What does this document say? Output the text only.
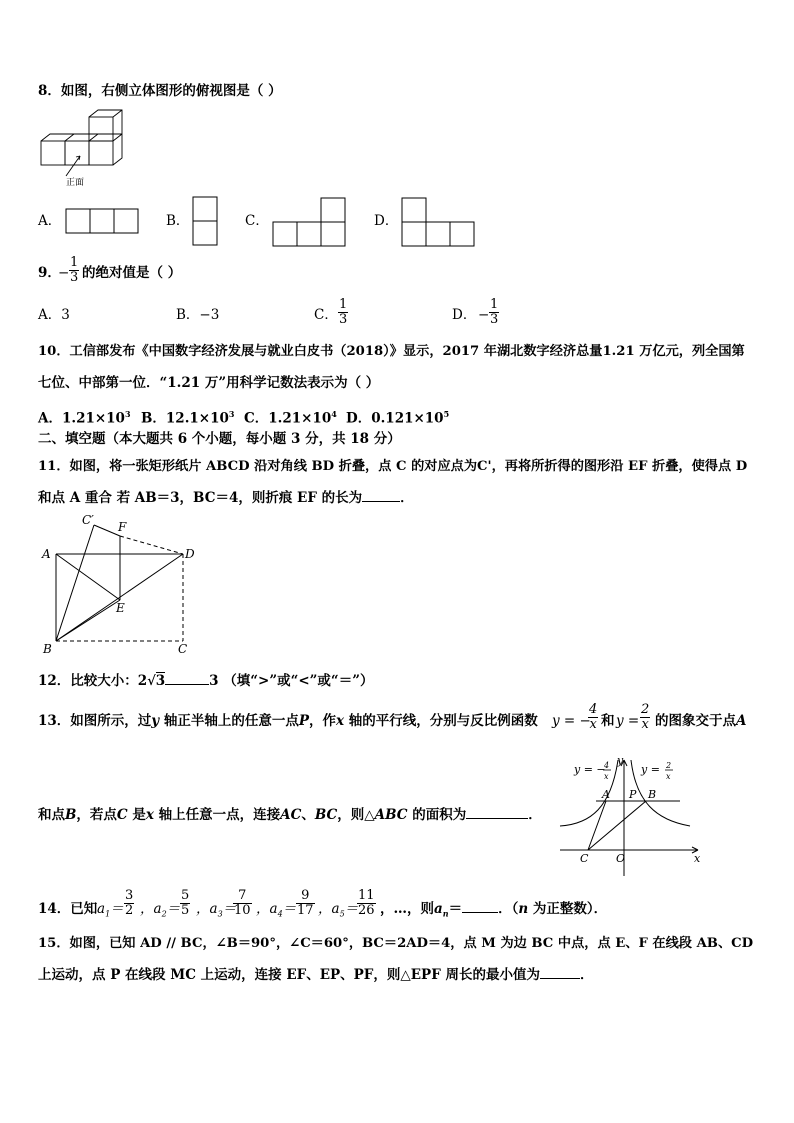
8．如图，右侧立体图形的俯视图是（ ）
正面
A．	B．	C．	D．
9．
− $\frac{1}{3}$ 的绝对值是（ ）
A．3	B．−3	C． $\frac{1}{3}$	D． − $\frac{1}{3}$
10．工信部发布《中国数字经济发展与就业白皮书（2018）》显示，2017 年湖北数字经济总量1.21 万亿元，列全国第
七位、中部第一位．“1.21 万”用科学记数法表示为（ ）
A．$1.21\times 10^3$ B．$12.1\times 10^3$ C．$1.21\times 10^4$ D．$0.121\times 10^5$
二、填空题（本大题共 6 个小题，每小题 3 分，共 18 分）
11．如图，将一张矩形纸片 ABCD 沿对角线 BD 折叠，点 C 的对应点为C'，再将所折得的图形沿 EF 折叠，使得点 D
和点 A 重合 若 AB＝3，BC＝4，则折痕 EF 的长为	．
C′ F
A	D
E
B	C
12．比较大小：2√3	3 （填“>”或“<”或“＝”）
13．如图所示，过y 轴正半轴上的任意一点P，作x 轴的平行线，分别与反比例函数 y = −
$\frac{4}{x}$ 和 $y = \frac{2}{x}$ 的图象交于点A
和点B，若点C 是x 轴上任意一点，连接AC、BC，则△ABC 的面积为	．
y = −
4
x
y = 2
x
y
A P B
C	O	x
14．已知 $a_1= \frac{3}{2}$ ，$a_2= \frac{5}{5}$ ，$a_3=$
$\frac{7}{10}$ ，$a_4= \frac{9}{17}$ ，$a_5=$
$\frac{11}{26}$ ，…，则$a_n=$	．（n 为正整数）．
15．如图，已知 AD // BC，∠B＝90°，∠C＝60°，BC＝2AD＝4，点 M 为边 BC 中点，点 E、F 在线段 AB、CD
上运动，点 P 在线段 MC 上运动，连接 EF、EP、PF，则△EPF 周长的最小值为	．
